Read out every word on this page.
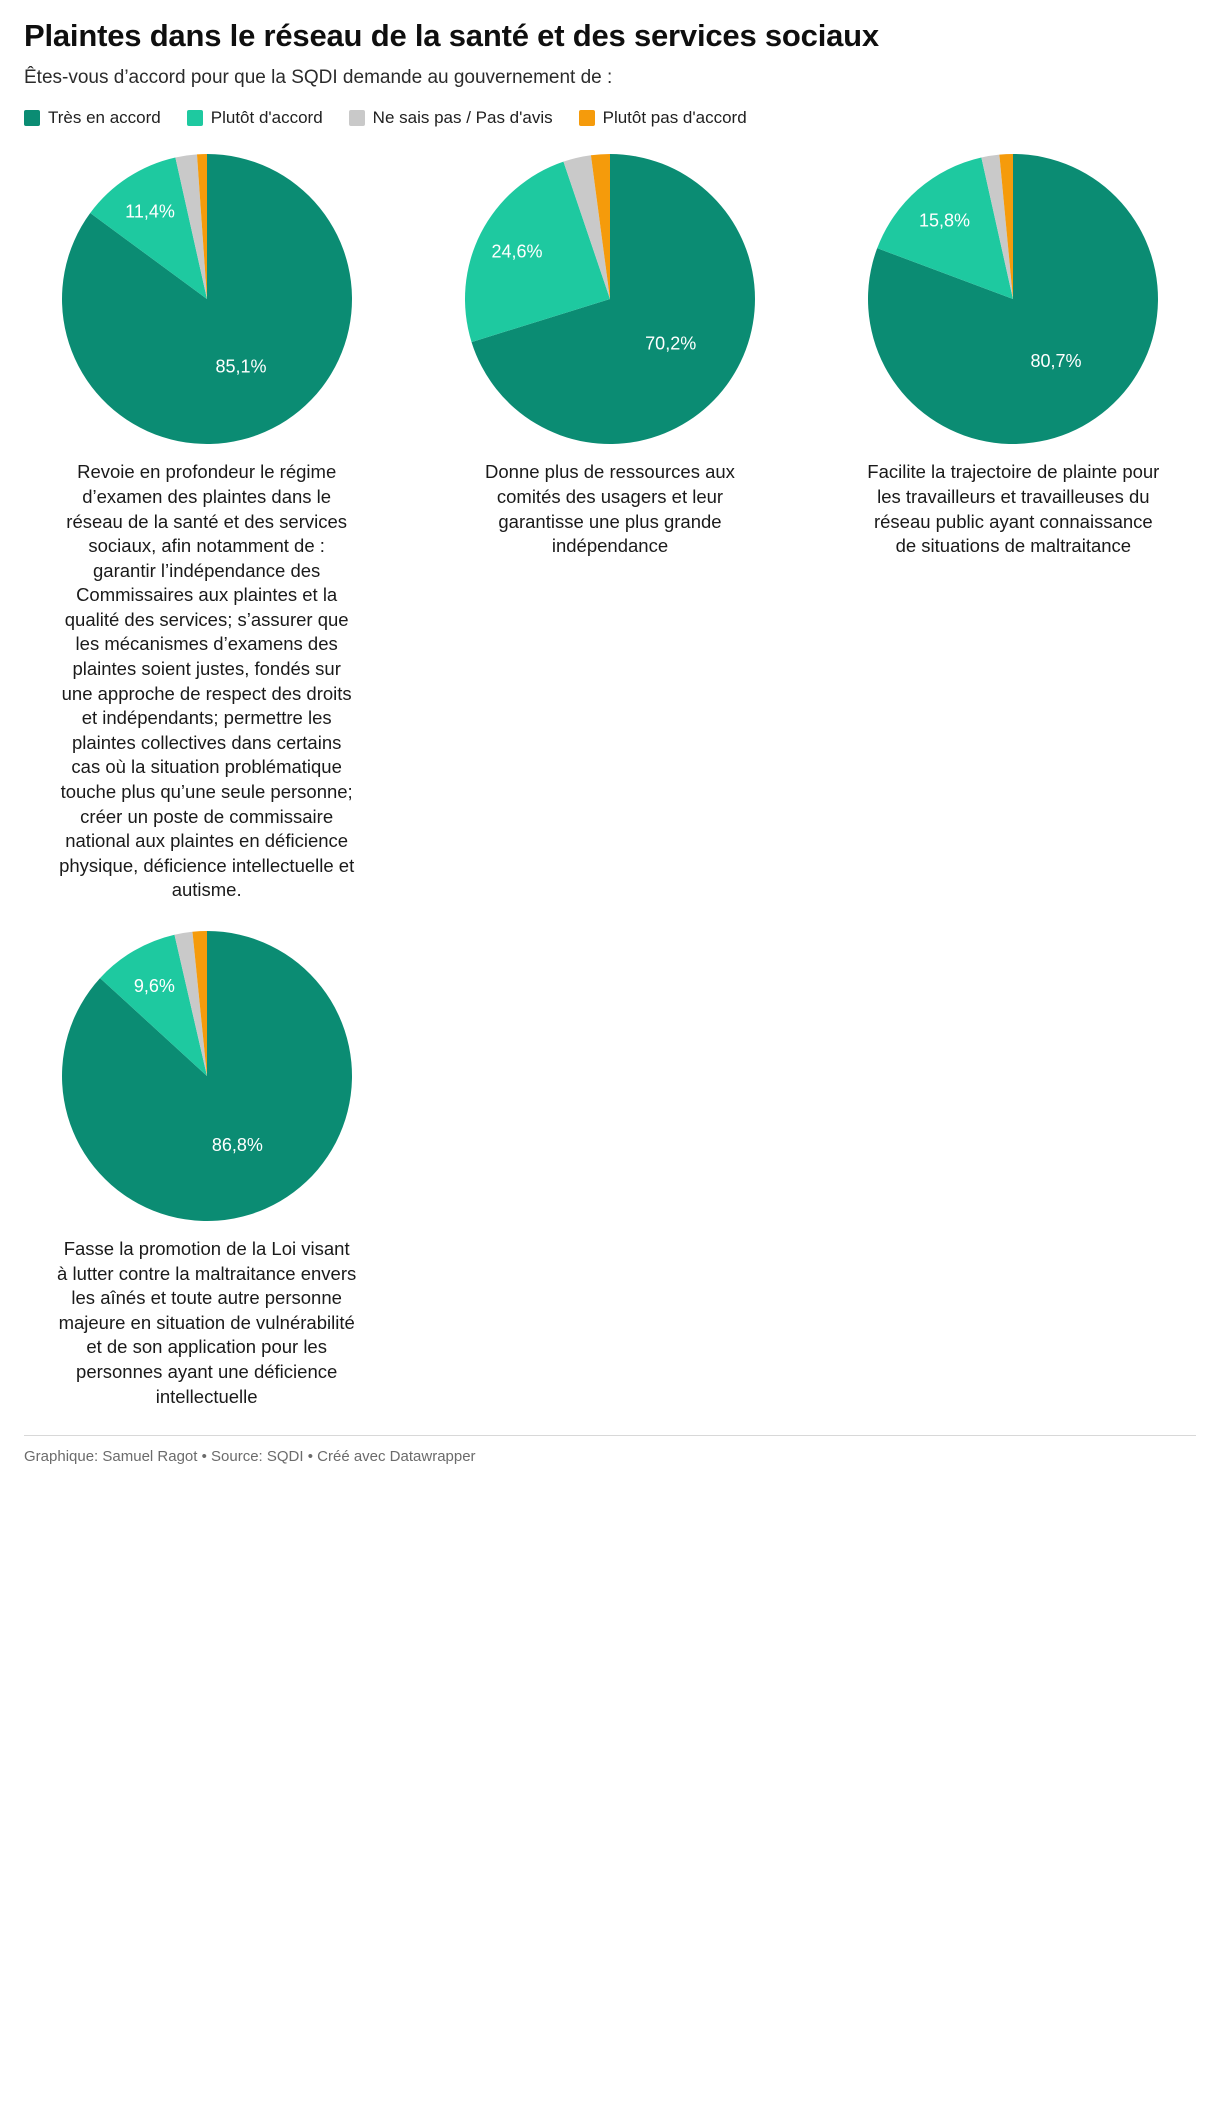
Plaintes dans le réseau de la santé et des services sociaux
Êtes-vous d’accord pour que la SQDI demande au gouvernement de :
Très en accord	Plutôt d'accord	Ne sais pas / Pas d'avis	Plutôt pas d'accord
85,1%
11,4%
Revoie en profondeur le régime d’examen des plaintes dans le réseau de la santé et des services sociaux, afin notamment de : garantir l’indépendance des Commissaires aux plaintes et la qualité des services; s’assurer que les mécanismes d’examens des plaintes soient justes, fondés sur une approche de respect des droits et indépendants; permettre les plaintes collectives dans certains cas où la situation problématique touche plus qu’une seule personne; créer un poste de commissaire national aux plaintes en déficience physique, déficience intellectuelle et autisme.
70,2%
24,6%
Donne plus de ressources aux comités des usagers et leur garantisse une plus grande indépendance
80,7%
15,8%
Facilite la trajectoire de plainte pour les travailleurs et travailleuses du réseau public ayant connaissance de situations de maltraitance
86,8%
9,6%
Fasse la promotion de la Loi visant à lutter contre la maltraitance envers les aînés et toute autre personne majeure en situation de vulnérabilité et de son application pour les personnes ayant une déficience intellectuelle
Graphique: Samuel Ragot • Source: SQDI • Créé avec Datawrapper
